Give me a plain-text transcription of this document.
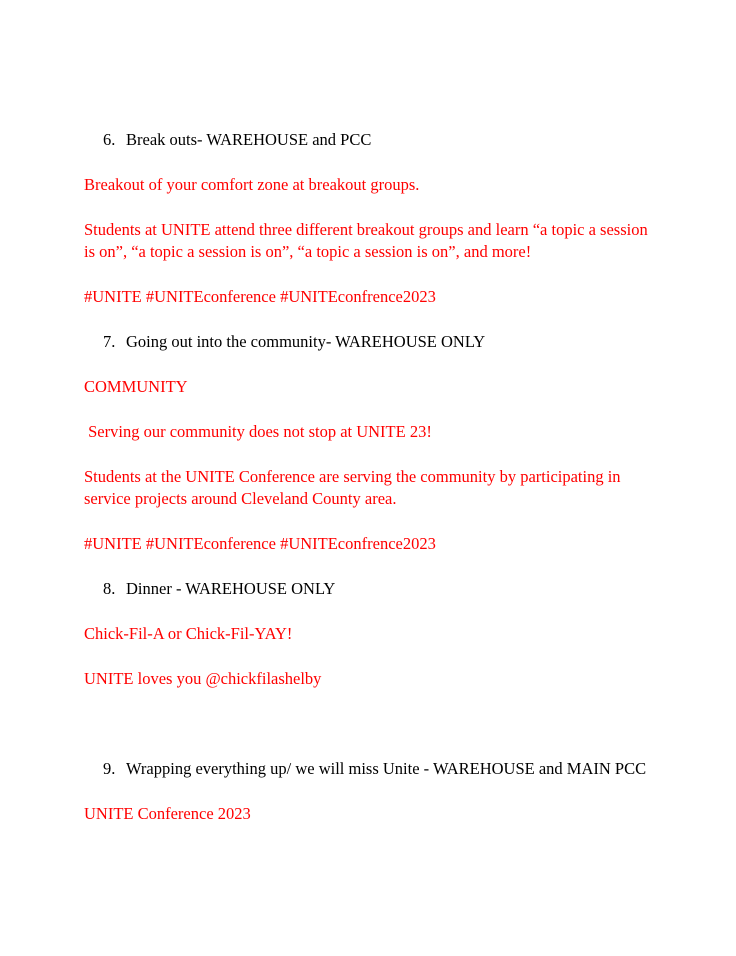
6. Break outs- WAREHOUSE and PCC

Breakout of your comfort zone at breakout groups.

Students at UNITE attend three different breakout groups and learn “a topic a session is on”, “a topic a session is on”, “a topic a session is on”, and more!

#UNITE #UNITEconference #UNITEconfrence2023

7. Going out into the community- WAREHOUSE ONLY

COMMUNITY

Serving our community does not stop at UNITE 23!

Students at the UNITE Conference are serving the community by participating in service projects around Cleveland County area.

#UNITE #UNITEconference #UNITEconfrence2023

8. Dinner - WAREHOUSE ONLY

Chick-Fil-A or Chick-Fil-YAY!

UNITE loves you @chickfilashelby

9. Wrapping everything up/ we will miss Unite - WAREHOUSE and MAIN PCC

UNITE Conference 2023
